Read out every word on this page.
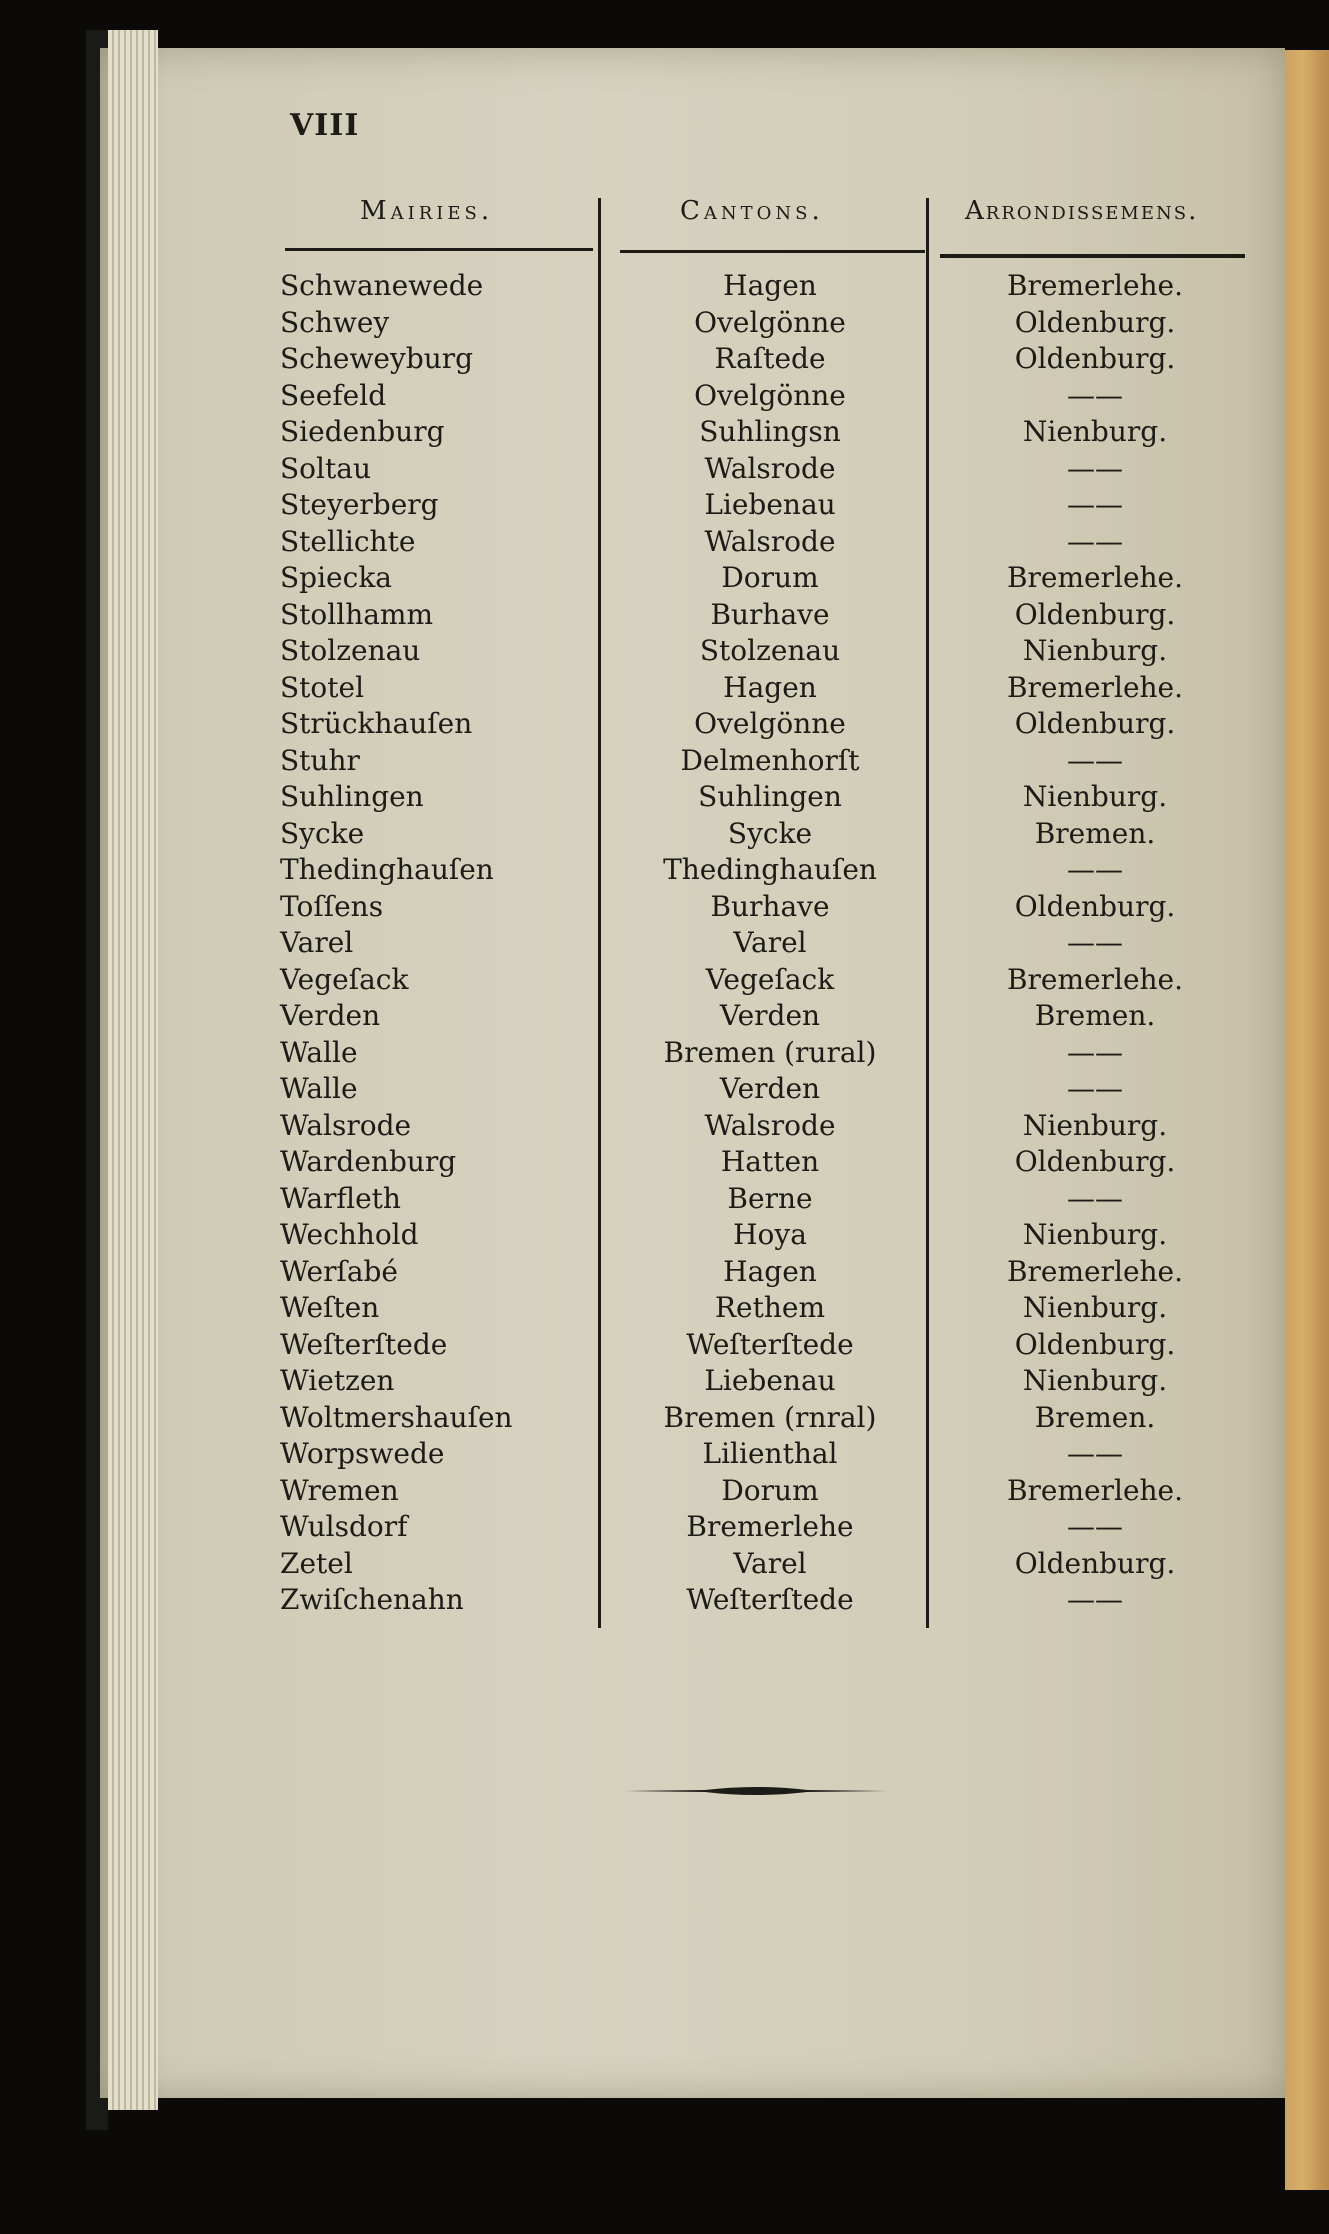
VIII
Mairies.	Cantons.	Arrondissemens.
Schwanewede
Schwey
Scheweyburg
Seefeld
Siedenburg
Soltau
Steyerberg
Stellichte
Spiecka
Stollhamm
Stolzenau
Stotel
Strückhauſen
Stuhr
Suhlingen
Sycke
Thedinghauſen
Toſſens
Varel
Vegeſack
Verden
Walle
Walle
Walsrode
Wardenburg
Warfleth
Wechhold
Werſabé
Weſten
Weſterſtede
Wietzen
Woltmershauſen
Worpswede
Wremen
Wulsdorf
Zetel
Zwiſchenahn
Hagen
Ovelgönne
Raſtede
Ovelgönne
Suhlingsn
Walsrode
Liebenau
Walsrode
Dorum
Burhave
Stolzenau
Hagen
Ovelgönne
Delmenhorſt
Suhlingen
Sycke
Thedinghauſen
Burhave
Varel
Vegeſack
Verden
Bremen (rural)
Verden
Walsrode
Hatten
Berne
Hoya
Hagen
Rethem
Weſterſtede
Liebenau
Bremen (rnral)
Lilienthal
Dorum
Bremerlehe
Varel
Weſterſtede
Bremerlehe.
Oldenburg.
Oldenburg.
——
Nienburg.
——
——
——
Bremerlehe.
Oldenburg.
Nienburg.
Bremerlehe.
Oldenburg.
——
Nienburg.
Bremen.
——
Oldenburg.
——
Bremerlehe.
Bremen.
——
——
Nienburg.
Oldenburg.
——
Nienburg.
Bremerlehe.
Nienburg.
Oldenburg.
Nienburg.
Bremen.
——
Bremerlehe.
——
Oldenburg.
——
